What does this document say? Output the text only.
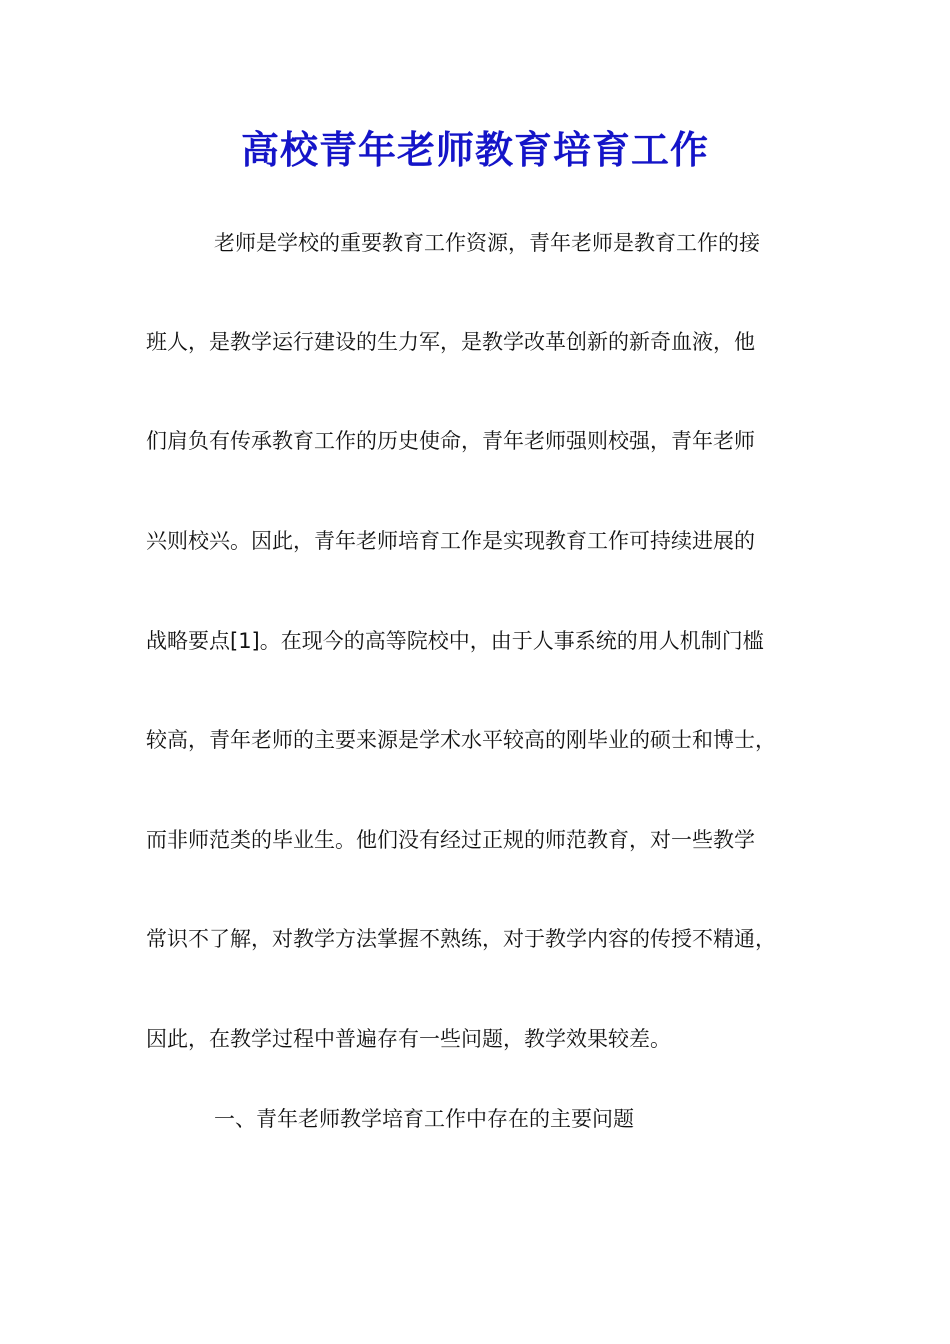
高校青年老师教育培育工作

老师是学校的重要教育工作资源，青年老师是教育工作的接

班人，是教学运行建设的生力军，是教学改革创新的新奇血液，他

们肩负有传承教育工作的历史使命，青年老师强则校强，青年老师

兴则校兴。因此，青年老师培育工作是实现教育工作可持续进展的

战略要点[1]。在现今的高等院校中，由于人事系统的用人机制门槛

较高，青年老师的主要来源是学术水平较高的刚毕业的硕士和博士，

而非师范类的毕业生。他们没有经过正规的师范教育，对一些教学

常识不了解，对教学方法掌握不熟练，对于教学内容的传授不精通，

因此，在教学过程中普遍存有一些问题，教学效果较差。

一、青年老师教学培育工作中存在的主要问题
